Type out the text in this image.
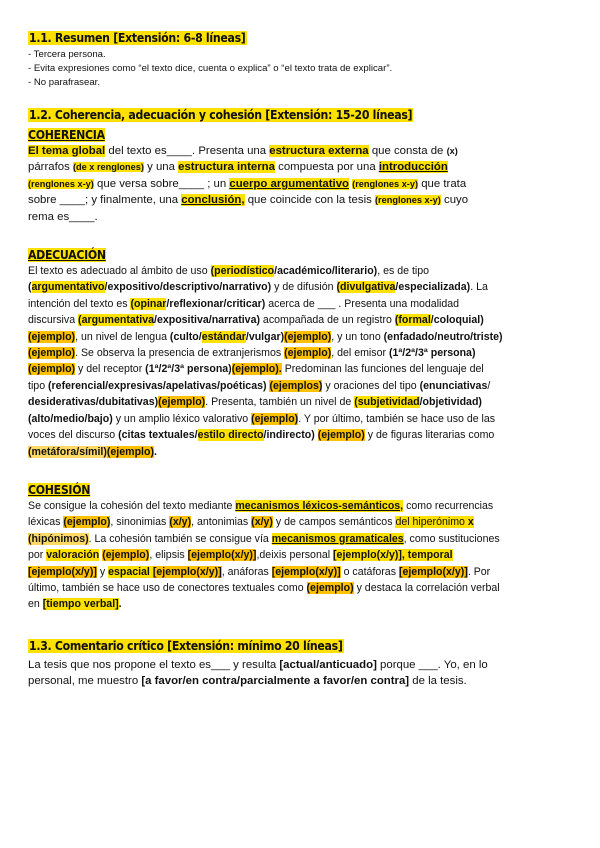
1.1. Resumen [Extensión: 6-8 líneas]

- Tercera persona.

- Evita expresiones como “el texto dice, cuenta o explica” o “el texto trata de explicar”.

- No parafrasear.

1.2. Coherencia, adecuación y cohesión [Extensión: 15-20 líneas]

COHERENCIA

El tema global del texto es____. Presenta una estructura externa que consta de (x)

párrafos (de x renglones) y una estructura interna compuesta por una introducción

(renglones x-y) que versa sobre____ ; un cuerpo argumentativo (renglones x-y) que trata

sobre ____; y finalmente, una conclusión, que coincide con la tesis (renglones x-y) cuyo

rema es____.

ADECUACIÓN

El texto es adecuado al ámbito de uso (periodístico/académico/literario), es de tipo

(argumentativo/expositivo/descriptivo/narrativo) y de difusión (divulgativa/especializada). La

intención del texto es (opinar/reflexionar/criticar) acerca de ___ . Presenta una modalidad

discursiva (argumentativa/expositiva/narrativa) acompañada de un registro (formal/coloquial)

(ejemplo), un nivel de lengua (culto/estándar/vulgar)(ejemplo), y un tono (enfadado/neutro/triste)

(ejemplo). Se observa la presencia de extranjerismos (ejemplo), del emisor (1ª/2ª/3ª persona)

(ejemplo) y del receptor (1ª/2ª/3ª persona)(ejemplo). Predominan las funciones del lenguaje del

tipo (referencial/expresivas/apelativas/poéticas) (ejemplos) y oraciones del tipo (enunciativas/

desiderativas/dubitativas)(ejemplo). Presenta, también un nivel de (subjetividad/objetividad)

(alto/medio/bajo) y un amplio léxico valorativo (ejemplo). Y por último, también se hace uso de las

voces del discurso (citas textuales/estilo directo/indirecto) (ejemplo) y de figuras literarias como

(metáfora/símil)(ejemplo).

COHESIÓN

Se consigue la cohesión del texto mediante mecanismos léxicos-semánticos, como recurrencias

léxicas (ejemplo), sinonimias (x/y), antonimias (x/y) y de campos semánticos del hiperónimo x

(hipónimos). La cohesión también se consigue vía mecanismos gramaticales, como sustituciones

por valoración (ejemplo), elipsis [ejemplo(x/y)],deixis personal [ejemplo(x/y)], temporal

[ejemplo(x/y)] y espacial [ejemplo(x/y)], anáforas [ejemplo(x/y)] o catáforas [ejemplo(x/y)]. Por

último, también se hace uso de conectores textuales como (ejemplo) y destaca la correlación verbal

en [tiempo verbal].

1.3. Comentario crítico [Extensión: mínimo 20 líneas]

La tesis que nos propone el texto es___ y resulta [actual/anticuado] porque ___. Yo, en lo

personal, me muestro [a favor/en contra/parcialmente a favor/en contra] de la tesis.
